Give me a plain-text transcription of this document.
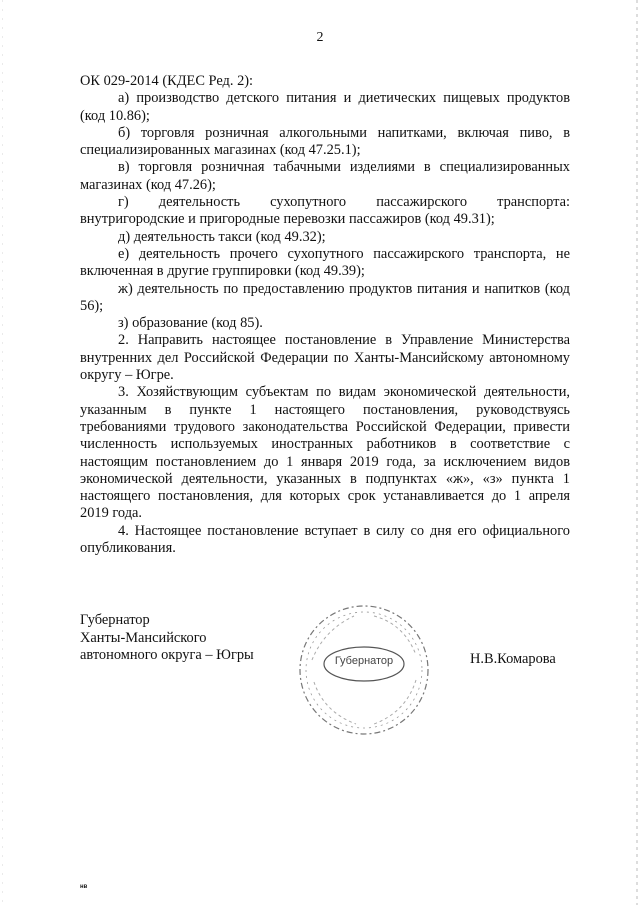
2

ОК 029-2014 (КДЕС Ред. 2):

а) производство детского питания и диетических пищевых продуктов (код 10.86);

б) торговля розничная алкогольными напитками, включая пиво, в специализированных магазинах (код 47.25.1);

в) торговля розничная табачными изделиями в специализированных магазинах (код 47.26);

г) деятельность сухопутного пассажирского транспорта: внутригородские и пригородные перевозки пассажиров (код 49.31);

д) деятельность такси (код 49.32);

е) деятельность прочего сухопутного пассажирского транспорта, не включенная в другие группировки (код 49.39);

ж) деятельность по предоставлению продуктов питания и напитков (код 56);

з) образование (код 85).

2. Направить настоящее постановление в Управление Министерства внутренних дел Российской Федерации по Ханты-Мансийскому автономному округу – Югре.

3. Хозяйствующим субъектам по видам экономической деятельности, указанным в пункте 1 настоящего постановления, руководствуясь требованиями трудового законодательства Российской Федерации, привести численность используемых иностранных работников в соответствие с настоящим постановлением до 1 января 2019 года, за исключением видов экономической деятельности, указанных в подпунктах «ж», «з» пункта 1 настоящего постановления, для которых срок устанавливается до 1 апреля 2019 года.

4. Настоящее постановление вступает в силу со дня его официального опубликования.

Губернатор
Ханты-Мансийского
автономного округа – Югры	Губернатор	Н.В.Комарова
нв
